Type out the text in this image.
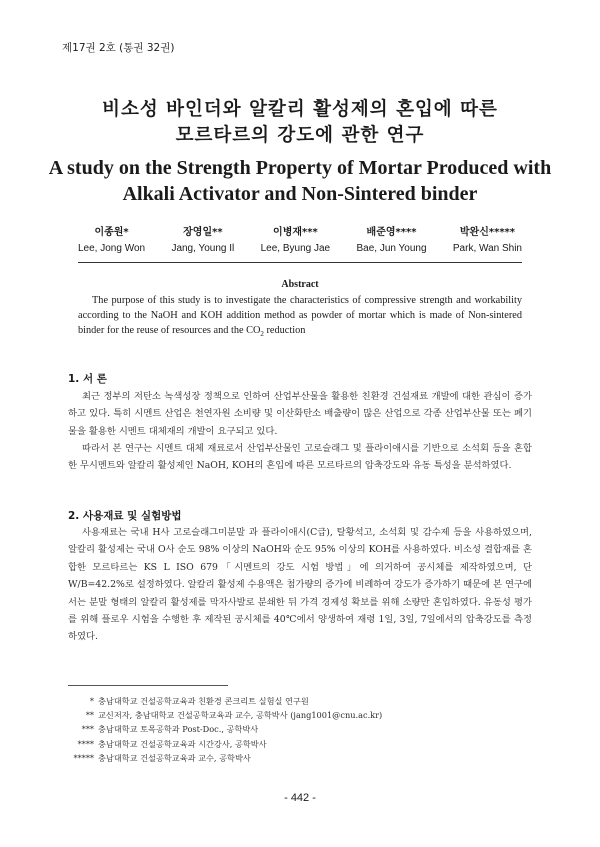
제17권 2호 (통권 32권)
비소성 바인더와 알칼리 활성제의 혼입에 따른
모르타르의 강도에 관한 연구
A study on the Strength Property of Mortar Produced with
Alkali Activator and Non-Sintered binder
이종원*
Lee, Jong Won
장영일**
Jang, Young Il
이병재***
Lee, Byung Jae
배준영****
Bae, Jun Young
박완신*****
Park, Wan Shin
Abstract
The purpose of this study is to investigate the characteristics of compressive strength and workability according to the NaOH and KOH addition method as powder of mortar which is made of Non-sintered binder for the reuse of resources and the $CO_2$ reduction
1. 서 론
최근 정부의 저탄소 녹색성장 정책으로 인하여 산업부산물을 활용한 친환경 건설재료 개발에 대한 관심이 증가하고 있다. 특히 시멘트 산업은 천연자원 소비량 및 이산화탄소 배출량이 많은 산업으로 각종 산업부산물 또는 폐기물을 활용한 시멘트 대체재의 개발이 요구되고 있다.
따라서 본 연구는 시멘트 대체 재료로서 산업부산물인 고로슬래그 및 플라이애시를 기반으로 소석회 등을 혼합한 무시멘트와 알칼리 활성제인 NaOH, KOH의 혼입에 따른 모르타르의 압축강도와 유동 특성을 분석하였다.
2. 사용재료 및 실험방법
사용재료는 국내 H사 고로슬래그미분말 과 플라이애시(C급), 탈황석고, 소석회 및 감수제 등을 사용하였으며, 알칼리 활성제는 국내 O사 순도 98% 이상의 NaOH와 순도 95% 이상의 KOH를 사용하였다. 비소성 결합재를 혼합한 모르타르는 KS L ISO 679「시멘트의 강도 시험 방법」에 의거하여 공시체를 제작하였으며, 단 W/B=42.2%로 설정하였다. 알칼리 활성제 수용액은 첨가량의 증가에 비례하여 강도가 증가하기 때문에 본 연구에서는 분말 형태의 알칼리 활성제를 막자사발로 분쇄한 뒤 가격 경제성 확보를 위해 소량만 혼입하였다. 유동성 평가를 위해 플로우 시험을 수행한 후 제작된 공시체를 40℃에서 양생하여 재령 1일, 3일, 7일에서의 압축강도를 측정하였다.
* 충남대학교 건설공학교육과 친환경 콘크리트 실험실 연구원
** 교신저자, 충남대학교 건설공학교육과 교수, 공학박사 (jang1001@cnu.ac.kr)
*** 충남대학교 토목공학과 Post-Doc., 공학박사
**** 충남대학교 건설공학교육과 시간강사, 공학박사
***** 충남대학교 건설공학교육과 교수, 공학박사
- 442 -
